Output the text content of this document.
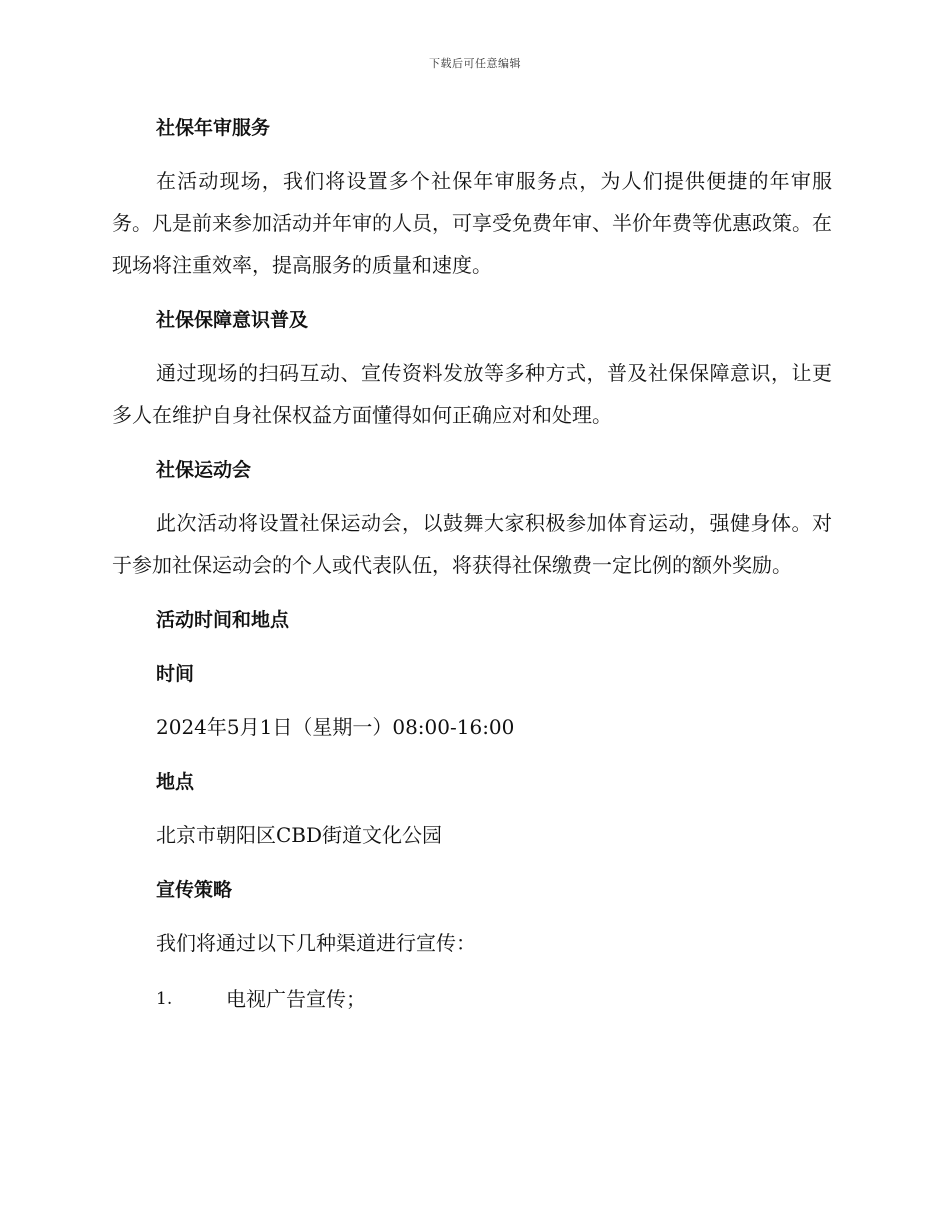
下载后可任意编辑
社保年审服务

在活动现场，我们将设置多个社保年审服务点，为人们提供便捷的年审服务。凡是前来参加活动并年审的人员，可享受免费年审、半价年费等优惠政策。在现场将注重效率，提高服务的质量和速度。

社保保障意识普及

通过现场的扫码互动、宣传资料发放等多种方式，普及社保保障意识，让更多人在维护自身社保权益方面懂得如何正确应对和处理。

社保运动会

此次活动将设置社保运动会，以鼓舞大家积极参加体育运动，强健身体。对于参加社保运动会的个人或代表队伍，将获得社保缴费一定比例的额外奖励。

活动时间和地点
时间

2024年5月1日（星期一）08:00-16:00

地点

北京市朝阳区CBD街道文化公园

宣传策略

我们将通过以下几种渠道进行宣传：

1.	电视广告宣传；
